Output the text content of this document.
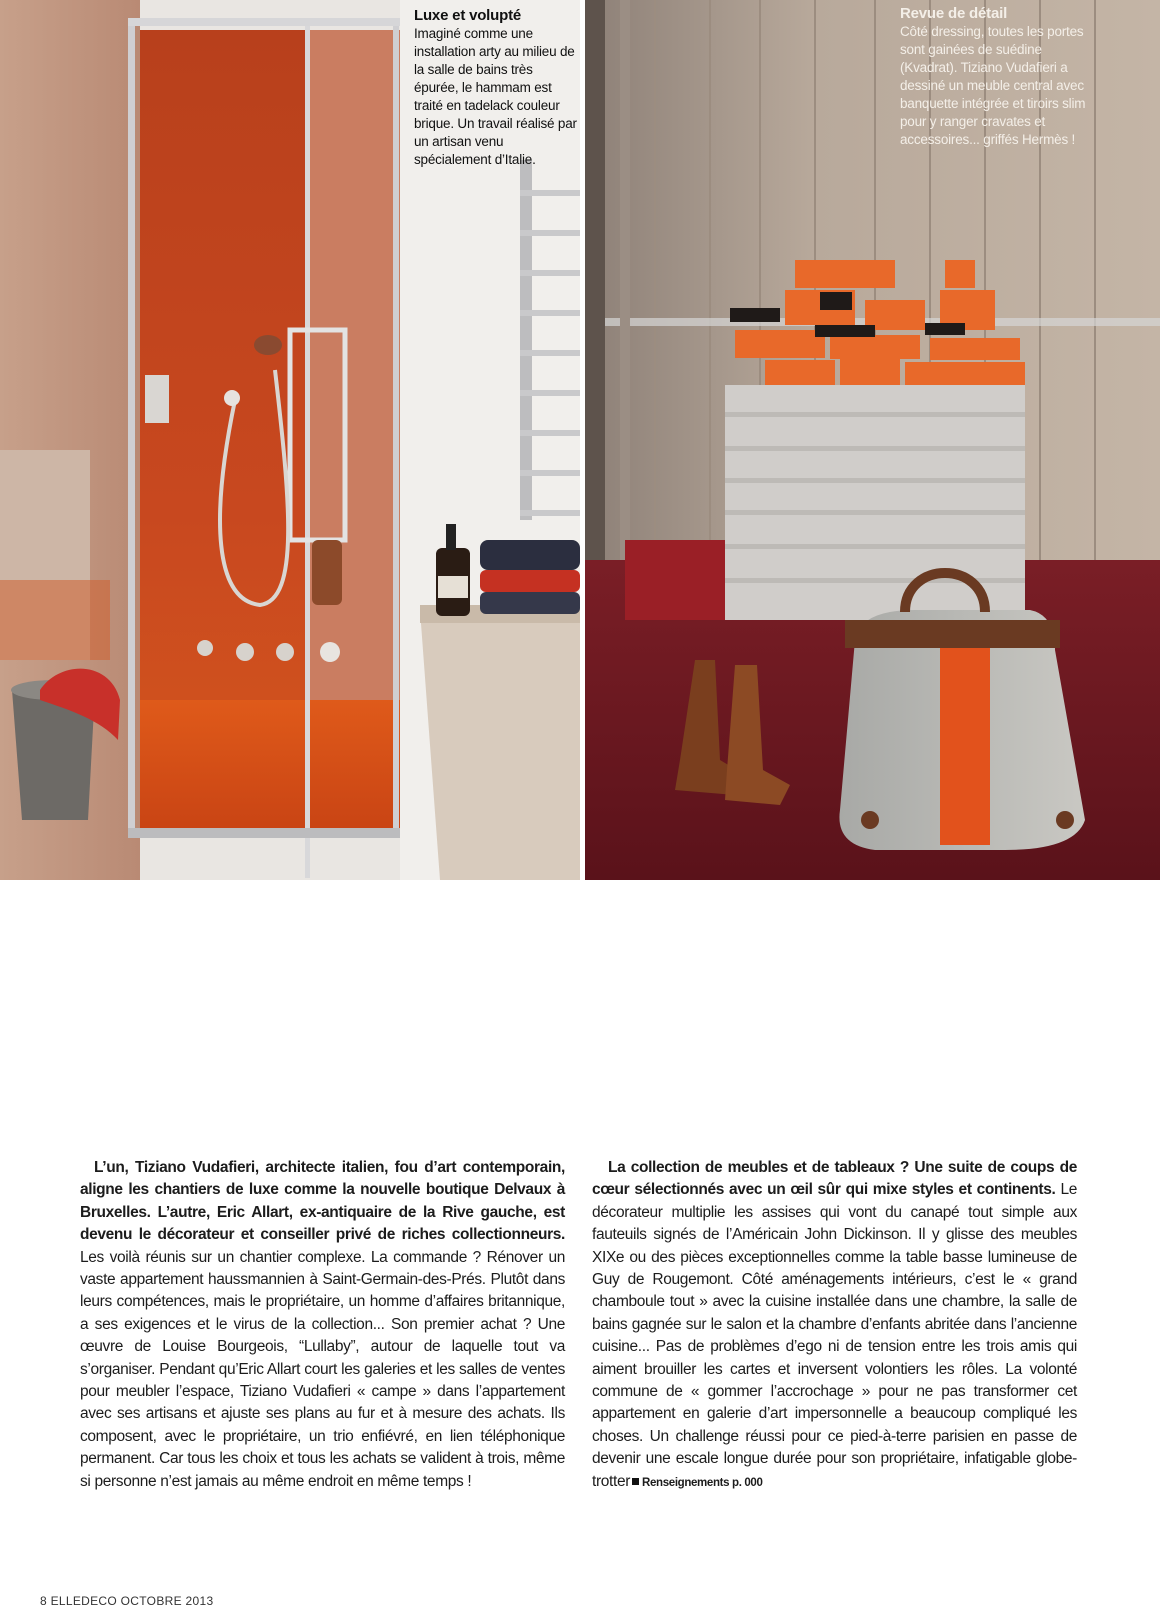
Luxe et volupté
Imaginé comme une installation arty au milieu de la salle de bains très épurée, le hammam est traité en tadelack couleur brique. Un travail réalisé par un artisan venu spécialement d’Italie.
Revue de détail
Côté dressing, toutes les portes sont gainées de suédine (Kvadrat). Tiziano Vudafieri a dessiné un meuble central avec banquette intégrée et tiroirs slim pour y ranger cravates et accessoires... griffés Hermès !
L’un, Tiziano Vudafieri, architecte italien, fou d’art contemporain, aligne les chantiers de luxe comme la nouvelle boutique Delvaux à Bruxelles. L’autre, Eric Allart, ex-antiquaire de la Rive gauche, est devenu le décorateur et conseiller privé de riches collectionneurs. Les voilà réunis sur un chantier complexe. La commande ? Rénover un vaste appartement haussmannien à Saint-Germain-des-Prés. Plutôt dans leurs compétences, mais le propriétaire, un homme d’affaires britannique, a ses exigences et le virus de la collection... Son premier achat ? Une œuvre de Louise Bourgeois, “Lullaby”, autour de laquelle tout va s’organiser. Pendant qu’Eric Allart court les galeries et les salles de ventes pour meubler l’espace, Tiziano Vudafieri « campe » dans l’appartement avec ses artisans et ajuste ses plans au fur et à mesure des achats. Ils composent, avec le propriétaire, un trio enfiévré, en lien téléphonique permanent. Car tous les choix et tous les achats se valident à trois, même si personne n’est jamais au même endroit en même temps !
La collection de meubles et de tableaux ? Une suite de coups de cœur sélectionnés avec un œil sûr qui mixe styles et continents. Le décorateur multiplie les assises qui vont du canapé tout simple aux fauteuils signés de l’Américain John Dickinson. Il y glisse des meubles XIXe ou des pièces exceptionnelles comme la table basse lumineuse de Guy de Rougemont. Côté aménagements intérieurs, c’est le « grand chamboule tout » avec la cuisine installée dans une chambre, la salle de bains gagnée sur le salon et la chambre d’enfants abritée dans l’ancienne cuisine... Pas de problèmes d’ego ni de tension entre les trois amis qui aiment brouiller les cartes et inversent volontiers les rôles. La volonté commune de « gommer l’accrochage » pour ne pas transformer cet appartement en galerie d’art impersonnelle a beaucoup compliqué les choses. Un challenge réussi pour ce pied-à-terre parisien en passe de devenir une escale longue durée pour son propriétaire, infatigable globe-trotter Renseignements p. 000
8 ELLEDECO OCTOBRE 2013
